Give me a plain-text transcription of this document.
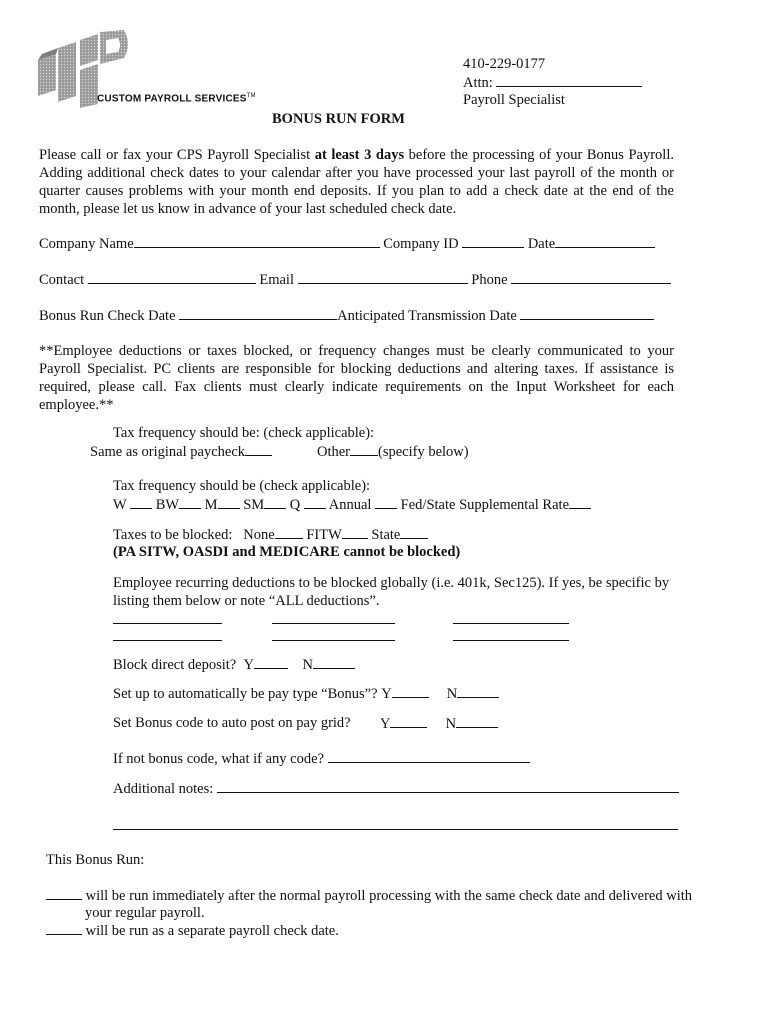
CUSTOM PAYROLL SERVICES™
410-229-0177
Attn:
Payroll Specialist
BONUS RUN FORM
Please call or fax your CPS Payroll Specialist at least 3 days before the processing of your Bonus Payroll. Adding additional check dates to your calendar after you have processed your last payroll of the month or quarter causes problems with your month end deposits. If you plan to add a check date at the end of the month, please let us know in advance of your last scheduled check date.
Company Name	Company ID	Date
Contact	Email	Phone
Bonus Run Check Date	Anticipated Transmission Date
**Employee deductions or taxes blocked, or frequency changes must be clearly communicated to your Payroll Specialist. PC clients are responsible for blocking deductions and altering taxes. If assistance is required, please call. Fax clients must clearly indicate requirements on the Input Worksheet for each employee.**
Tax frequency should be: (check applicable):
Same as original paycheck	Other (specify below)
Tax frequency should be (check applicable):
W BW M SM Q Annual Fed/State Supplemental Rate
Taxes to be blocked: None FITW State
(PA SITW, OASDI and MEDICARE cannot be blocked)
Employee recurring deductions to be blocked globally (i.e. 401k, Sec125). If yes, be specific by listing them below or note “ALL deductions”.
Block direct deposit? Y	N
Set up to automatically be pay type “Bonus”? Y	N
Set Bonus code to auto post on pay grid? Y	N
If not bonus code, what if any code?
Additional notes:
This Bonus Run:
will be run immediately after the normal payroll processing with the same check date and delivered with
your regular payroll.
will be run as a separate payroll check date.
